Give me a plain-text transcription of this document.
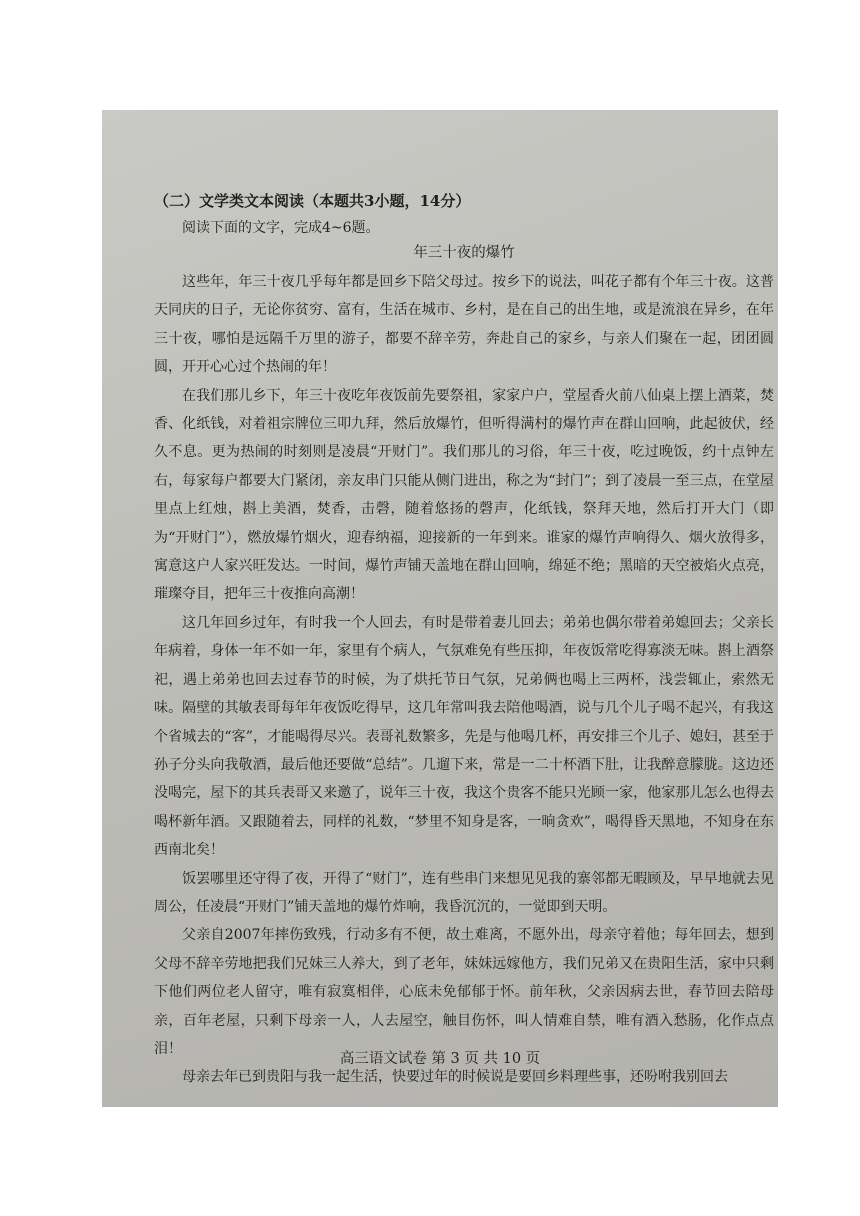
（二）文学类文本阅读（本题共3小题，14分）
阅读下面的文字，完成4~6题。
年三十夜的爆竹

这些年，年三十夜几乎每年都是回乡下陪父母过。按乡下的说法，叫花子都有个年三十夜。这普天同庆的日子，无论你贫穷、富有，生活在城市、乡村，是在自己的出生地，或是流浪在异乡，在年三十夜，哪怕是远隔千万里的游子，都要不辞辛劳，奔赴自己的家乡，与亲人们聚在一起，团团圆圆，开开心心过个热闹的年！

在我们那儿乡下，年三十夜吃年夜饭前先要祭祖，家家户户，堂屋香火前八仙桌上摆上酒菜，焚香、化纸钱，对着祖宗牌位三叩九拜，然后放爆竹，但听得满村的爆竹声在群山回响，此起彼伏，经久不息。更为热闹的时刻则是凌晨“开财门”。我们那儿的习俗，年三十夜，吃过晚饭，约十点钟左右，每家每户都要大门紧闭，亲友串门只能从侧门进出，称之为“封门”；到了凌晨一至三点，在堂屋里点上红烛，斟上美酒，焚香，击磬，随着悠扬的磬声，化纸钱，祭拜天地，然后打开大门（即为“开财门”），燃放爆竹烟火，迎春纳福，迎接新的一年到来。谁家的爆竹声响得久、烟火放得多，寓意这户人家兴旺发达。一时间，爆竹声铺天盖地在群山回响，绵延不绝；黑暗的天空被焰火点亮，璀璨夺目，把年三十夜推向高潮！

这几年回乡过年，有时我一个人回去，有时是带着妻儿回去；弟弟也偶尔带着弟媳回去；父亲长年病着，身体一年不如一年，家里有个病人，气氛难免有些压抑，年夜饭常吃得寡淡无味。斟上酒祭祀，遇上弟弟也回去过春节的时候，为了烘托节日气氛，兄弟俩也喝上三两杯，浅尝辄止，索然无味。隔壁的其敏表哥每年年夜饭吃得早，这几年常叫我去陪他喝酒，说与几个儿子喝不起兴，有我这个省城去的“客”，才能喝得尽兴。表哥礼数繁多，先是与他喝几杯，再安排三个儿子、媳妇，甚至于孙子分头向我敬酒，最后他还要做“总结”。几遛下来，常是一二十杯酒下肚，让我醉意朦胧。这边还没喝完，屋下的其兵表哥又来邀了，说年三十夜，我这个贵客不能只光顾一家，他家那儿怎么也得去喝杯新年酒。又跟随着去，同样的礼数，“梦里不知身是客，一晌贪欢”，喝得昏天黑地，不知身在东西南北矣！

饭罢哪里还守得了夜，开得了“财门”，连有些串门来想见见我的寨邻都无暇顾及，早早地就去见周公，任凌晨“开财门”铺天盖地的爆竹炸响，我昏沉沉的，一觉即到天明。

父亲自2007年摔伤致残，行动多有不便，故土难离，不愿外出，母亲守着他；每年回去，想到父母不辞辛劳地把我们兄妹三人养大，到了老年，妹妹远嫁他方，我们兄弟又在贵阳生活，家中只剩下他们两位老人留守，唯有寂寞相伴，心底未免郁郁于怀。前年秋，父亲因病去世，春节回去陪母亲，百年老屋，只剩下母亲一人，人去屋空，触目伤怀，叫人情难自禁，唯有酒入愁肠，化作点点泪！

母亲去年已到贵阳与我一起生活，快要过年的时候说是要回乡料理些事，还吩咐我别回去

高三语文试卷 第 3 页 共 10 页
